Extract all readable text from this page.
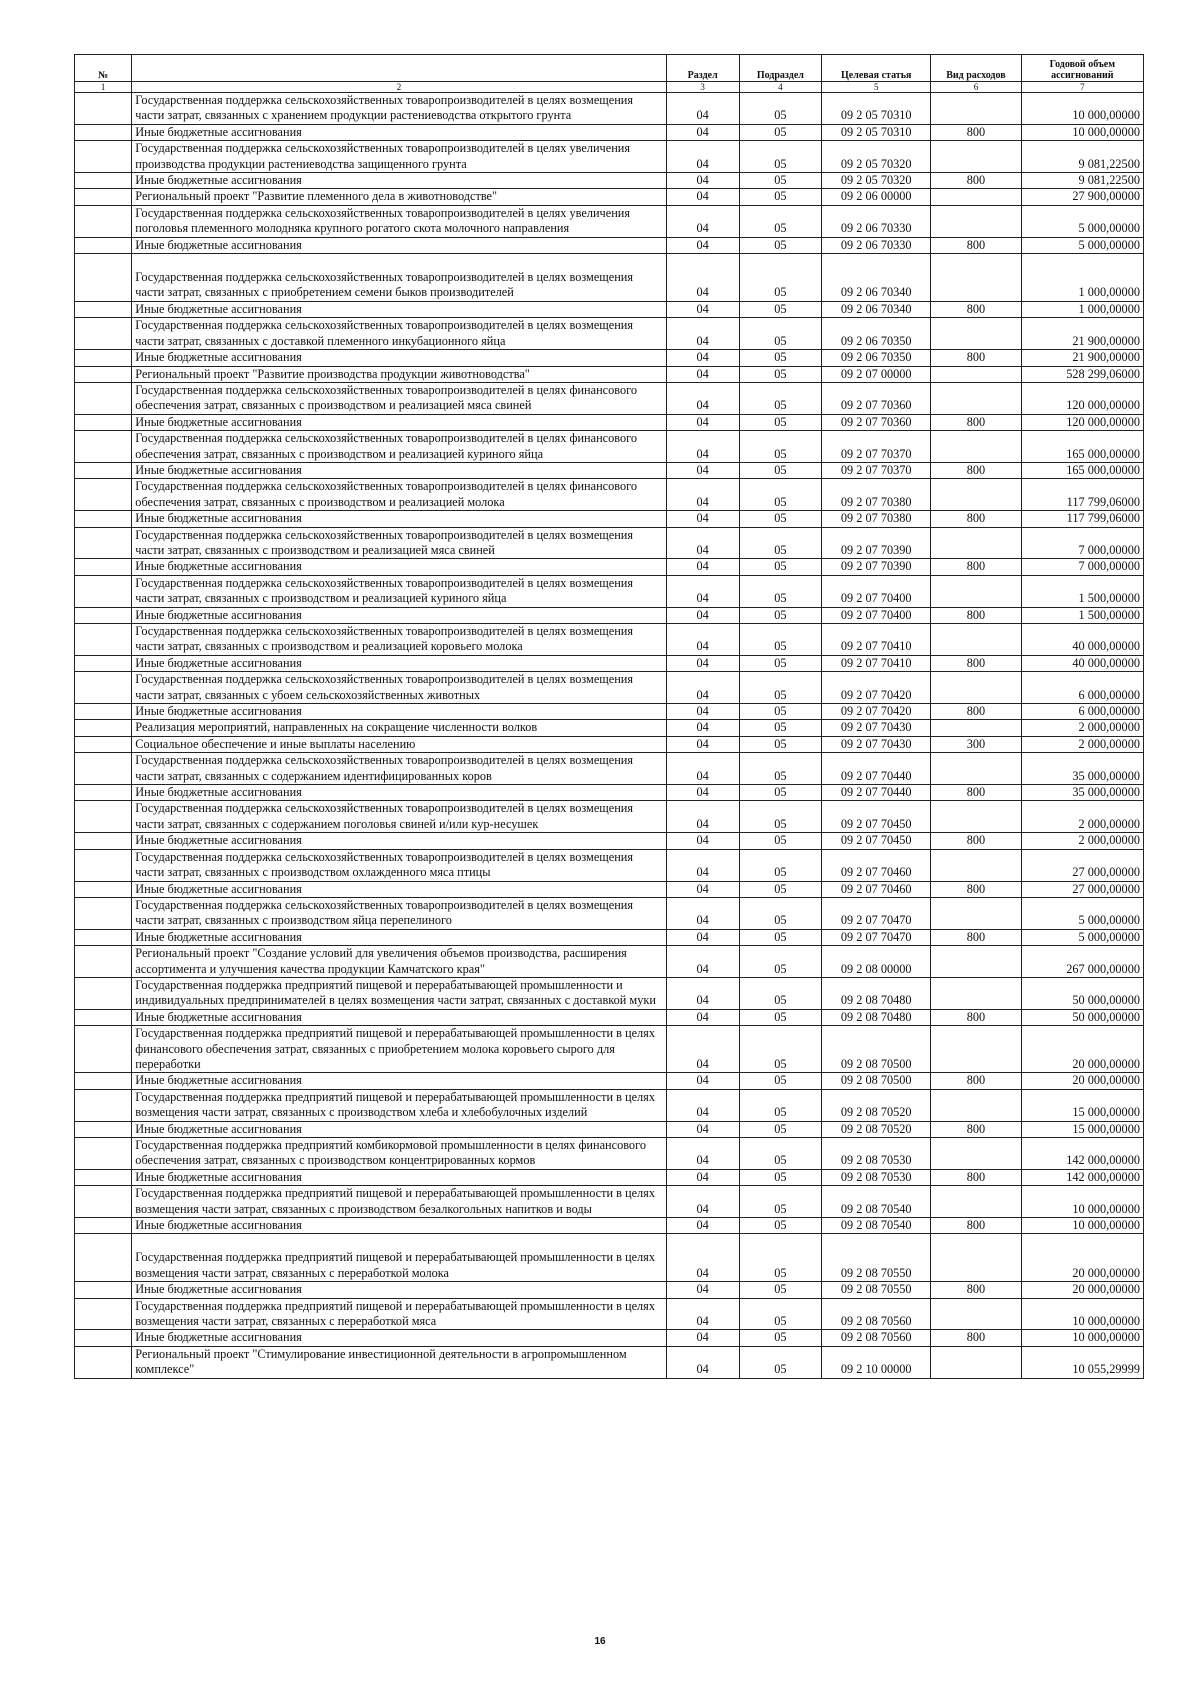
№		Раздел	Подраздел	Целевая статья	Вид расходов	Годовой объем ассигнований
1	2	3	4	5	6	7
	Государственная поддержка сельскохозяйственных товаропроизводителей в целях возмещения части затрат, связанных с хранением продукции растениеводства открытого грунта	04	05	09 2 05 70310		10 000,00000
	Иные бюджетные ассигнования	04	05	09 2 05 70310	800	10 000,00000
	Государственная поддержка сельскохозяйственных товаропроизводителей в целях увеличения производства продукции растениеводства защищенного грунта	04	05	09 2 05 70320		9 081,22500
	Иные бюджетные ассигнования	04	05	09 2 05 70320	800	9 081,22500
	Региональный проект "Развитие племенного дела в животноводстве"	04	05	09 2 06 00000		27 900,00000
	Государственная поддержка сельскохозяйственных товаропроизводителей в целях увеличения поголовья племенного молодняка крупного рогатого скота молочного направления	04	05	09 2 06 70330		5 000,00000
	Иные бюджетные ассигнования	04	05	09 2 06 70330	800	5 000,00000
	Государственная поддержка сельскохозяйственных товаропроизводителей в целях возмещения части затрат, связанных с приобретением семени быков производителей	04	05	09 2 06 70340		1 000,00000
	Иные бюджетные ассигнования	04	05	09 2 06 70340	800	1 000,00000
	Государственная поддержка сельскохозяйственных товаропроизводителей в целях возмещения части затрат, связанных с доставкой племенного инкубационного яйца	04	05	09 2 06 70350		21 900,00000
	Иные бюджетные ассигнования	04	05	09 2 06 70350	800	21 900,00000
	Региональный проект "Развитие производства продукции животноводства"	04	05	09 2 07 00000		528 299,06000
	Государственная поддержка сельскохозяйственных товаропроизводителей в целях финансового обеспечения затрат, связанных с производством и реализацией мяса свиней	04	05	09 2 07 70360		120 000,00000
	Иные бюджетные ассигнования	04	05	09 2 07 70360	800	120 000,00000
	Государственная поддержка сельскохозяйственных товаропроизводителей в целях финансового обеспечения затрат, связанных с производством и реализацией куриного яйца	04	05	09 2 07 70370		165 000,00000
	Иные бюджетные ассигнования	04	05	09 2 07 70370	800	165 000,00000
	Государственная поддержка сельскохозяйственных товаропроизводителей в целях финансового обеспечения затрат, связанных с производством и реализацией молока	04	05	09 2 07 70380		117 799,06000
	Иные бюджетные ассигнования	04	05	09 2 07 70380	800	117 799,06000
	Государственная поддержка сельскохозяйственных товаропроизводителей в целях возмещения части затрат, связанных с производством и реализацией мяса свиней	04	05	09 2 07 70390		7 000,00000
	Иные бюджетные ассигнования	04	05	09 2 07 70390	800	7 000,00000
	Государственная поддержка сельскохозяйственных товаропроизводителей в целях возмещения части затрат, связанных с производством и реализацией куриного яйца	04	05	09 2 07 70400		1 500,00000
	Иные бюджетные ассигнования	04	05	09 2 07 70400	800	1 500,00000
	Государственная поддержка сельскохозяйственных товаропроизводителей в целях возмещения части затрат, связанных с производством и реализацией коровьего молока	04	05	09 2 07 70410		40 000,00000
	Иные бюджетные ассигнования	04	05	09 2 07 70410	800	40 000,00000
	Государственная поддержка сельскохозяйственных товаропроизводителей в целях возмещения части затрат, связанных с убоем сельскохозяйственных животных	04	05	09 2 07 70420		6 000,00000
	Иные бюджетные ассигнования	04	05	09 2 07 70420	800	6 000,00000
	Реализация мероприятий, направленных на сокращение численности волков	04	05	09 2 07 70430		2 000,00000
	Социальное обеспечение и иные выплаты населению	04	05	09 2 07 70430	300	2 000,00000
	Государственная поддержка сельскохозяйственных товаропроизводителей в целях возмещения части затрат, связанных с содержанием идентифицированных коров	04	05	09 2 07 70440		35 000,00000
	Иные бюджетные ассигнования	04	05	09 2 07 70440	800	35 000,00000
	Государственная поддержка сельскохозяйственных товаропроизводителей в целях возмещения части затрат, связанных с содержанием поголовья свиней и/или кур-несушек	04	05	09 2 07 70450		2 000,00000
	Иные бюджетные ассигнования	04	05	09 2 07 70450	800	2 000,00000
	Государственная поддержка сельскохозяйственных товаропроизводителей в целях возмещения части затрат, связанных с производством охлажденного мяса птицы	04	05	09 2 07 70460		27 000,00000
	Иные бюджетные ассигнования	04	05	09 2 07 70460	800	27 000,00000
	Государственная поддержка сельскохозяйственных товаропроизводителей в целях возмещения части затрат, связанных с производством яйца перепелиного	04	05	09 2 07 70470		5 000,00000
	Иные бюджетные ассигнования	04	05	09 2 07 70470	800	5 000,00000
	Региональный проект "Создание условий для увеличения объемов производства, расширения ассортимента и улучшения качества продукции Камчатского края"	04	05	09 2 08 00000		267 000,00000
	Государственная поддержка предприятий пищевой и перерабатывающей промышленности и индивидуальных предпринимателей в целях возмещения части затрат, связанных с доставкой муки	04	05	09 2 08 70480		50 000,00000
	Иные бюджетные ассигнования	04	05	09 2 08 70480	800	50 000,00000
	Государственная поддержка предприятий пищевой и перерабатывающей промышленности в целях финансового обеспечения затрат, связанных с приобретением молока коровьего сырого для переработки	04	05	09 2 08 70500		20 000,00000
	Иные бюджетные ассигнования	04	05	09 2 08 70500	800	20 000,00000
	Государственная поддержка предприятий пищевой и перерабатывающей промышленности в целях возмещения части затрат, связанных с производством хлеба и хлебобулочных изделий	04	05	09 2 08 70520		15 000,00000
	Иные бюджетные ассигнования	04	05	09 2 08 70520	800	15 000,00000
	Государственная поддержка предприятий комбикормовой промышленности в целях финансового обеспечения затрат, связанных с производством концентрированных кормов	04	05	09 2 08 70530		142 000,00000
	Иные бюджетные ассигнования	04	05	09 2 08 70530	800	142 000,00000
	Государственная поддержка предприятий пищевой и перерабатывающей промышленности в целях возмещения части затрат, связанных с производством безалкогольных напитков и воды	04	05	09 2 08 70540		10 000,00000
	Иные бюджетные ассигнования	04	05	09 2 08 70540	800	10 000,00000
	Государственная поддержка предприятий пищевой и перерабатывающей промышленности в целях возмещения части затрат, связанных с переработкой молока	04	05	09 2 08 70550		20 000,00000
	Иные бюджетные ассигнования	04	05	09 2 08 70550	800	20 000,00000
	Государственная поддержка предприятий пищевой и перерабатывающей промышленности в целях возмещения части затрат, связанных с переработкой мяса	04	05	09 2 08 70560		10 000,00000
	Иные бюджетные ассигнования	04	05	09 2 08 70560	800	10 000,00000
	Региональный проект "Стимулирование инвестиционной деятельности в агропромышленном комплексе"	04	05	09 2 10 00000		10 055,29999
16
